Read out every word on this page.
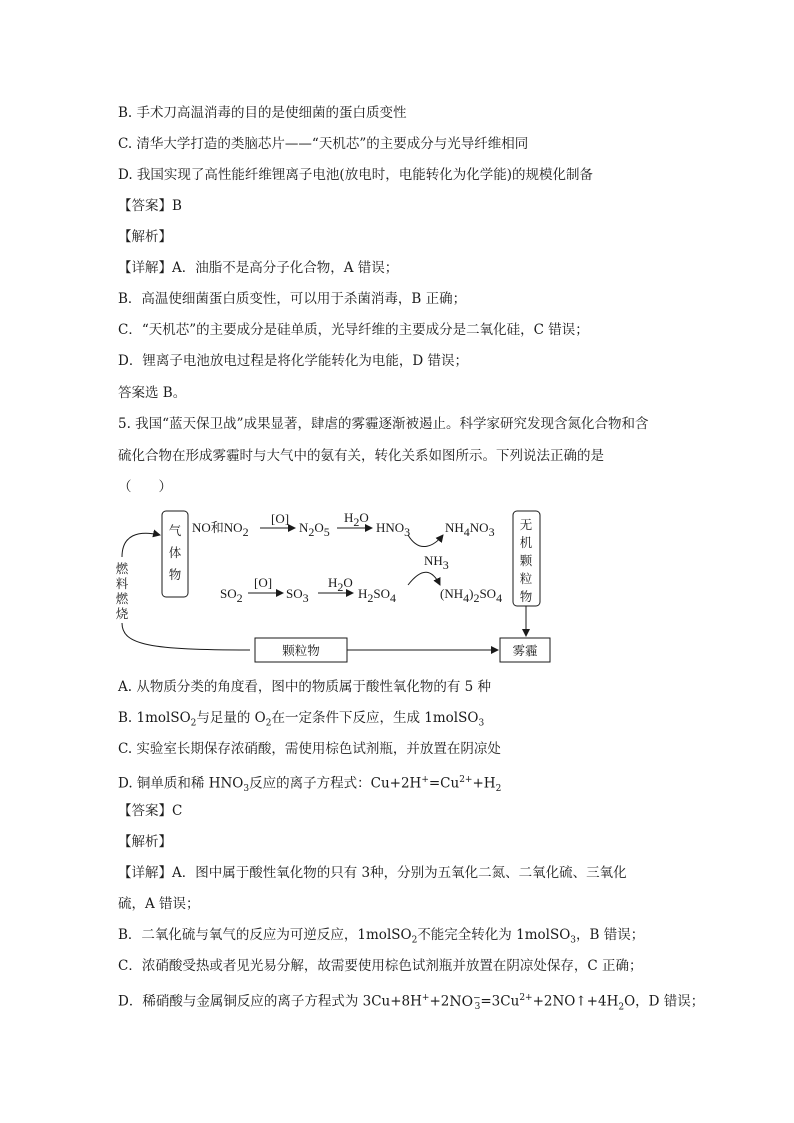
B. 手术刀高温消毒的目的是使细菌的蛋白质变性
C. 清华大学打造的类脑芯片——“天机芯”的主要成分与光导纤维相同
D. 我国实现了高性能纤维锂离子电池(放电时，电能转化为化学能)的规模化制备
【答案】B
【解析】
【详解】A．油脂不是高分子化合物，A 错误；
B．高温使细菌蛋白质变性，可以用于杀菌消毒，B 正确；
C．“天机芯”的主要成分是硅单质，光导纤维的主要成分是二氧化硅，C 错误；
D．锂离子电池放电过程是将化学能转化为电能，D 错误；
答案选 B。
5. 我国“蓝天保卫战”成果显著，肆虐的雾霾逐渐被遏止。科学家研究发现含氮化合物和含
硫化合物在形成雾霾时与大气中的氨有关，转化关系如图所示。下列说法正确的是
（　　）
气体物
无机颗粒物
燃料燃烧
颗粒物	雾霾
NO和NO2
[O]
N2O5
H2O
HNO3	NH4NO3
NH3
SO2
[O]
SO3
H2O
H2SO4	(NH4)2SO4
A. 从物质分类的角度看，图中的物质属于酸性氧化物的有 5 种
B. 1molSO$_2$与足量的 $O_2$在一定条件下反应，生成 1molSO$_3$
C. 实验室长期保存浓硝酸，需使用棕色试剂瓶，并放置在阴凉处
D. 铜单质和稀 $HNO_3$反应的离子方程式：$Cu+2H^+=Cu^{2+}+H_2$
【答案】C
【解析】
【详解】A．图中属于酸性氧化物的只有 3种，分别为五氧化二氮、二氧化硫、三氧化
硫，A 错误；
B．二氧化硫与氧气的反应为可逆反应，1molSO$_2$不能完全转化为 1molSO$_3$，B 错误；
C．浓硝酸受热或者见光易分解，故需要使用棕色试剂瓶并放置在阴凉处保存，C 正确；
D．稀硝酸与金属铜反应的离子方程式为 $3Cu+8H^++2NO^-_3=3Cu^{2+}+2NO↑+4H_2O$，D 错误；
